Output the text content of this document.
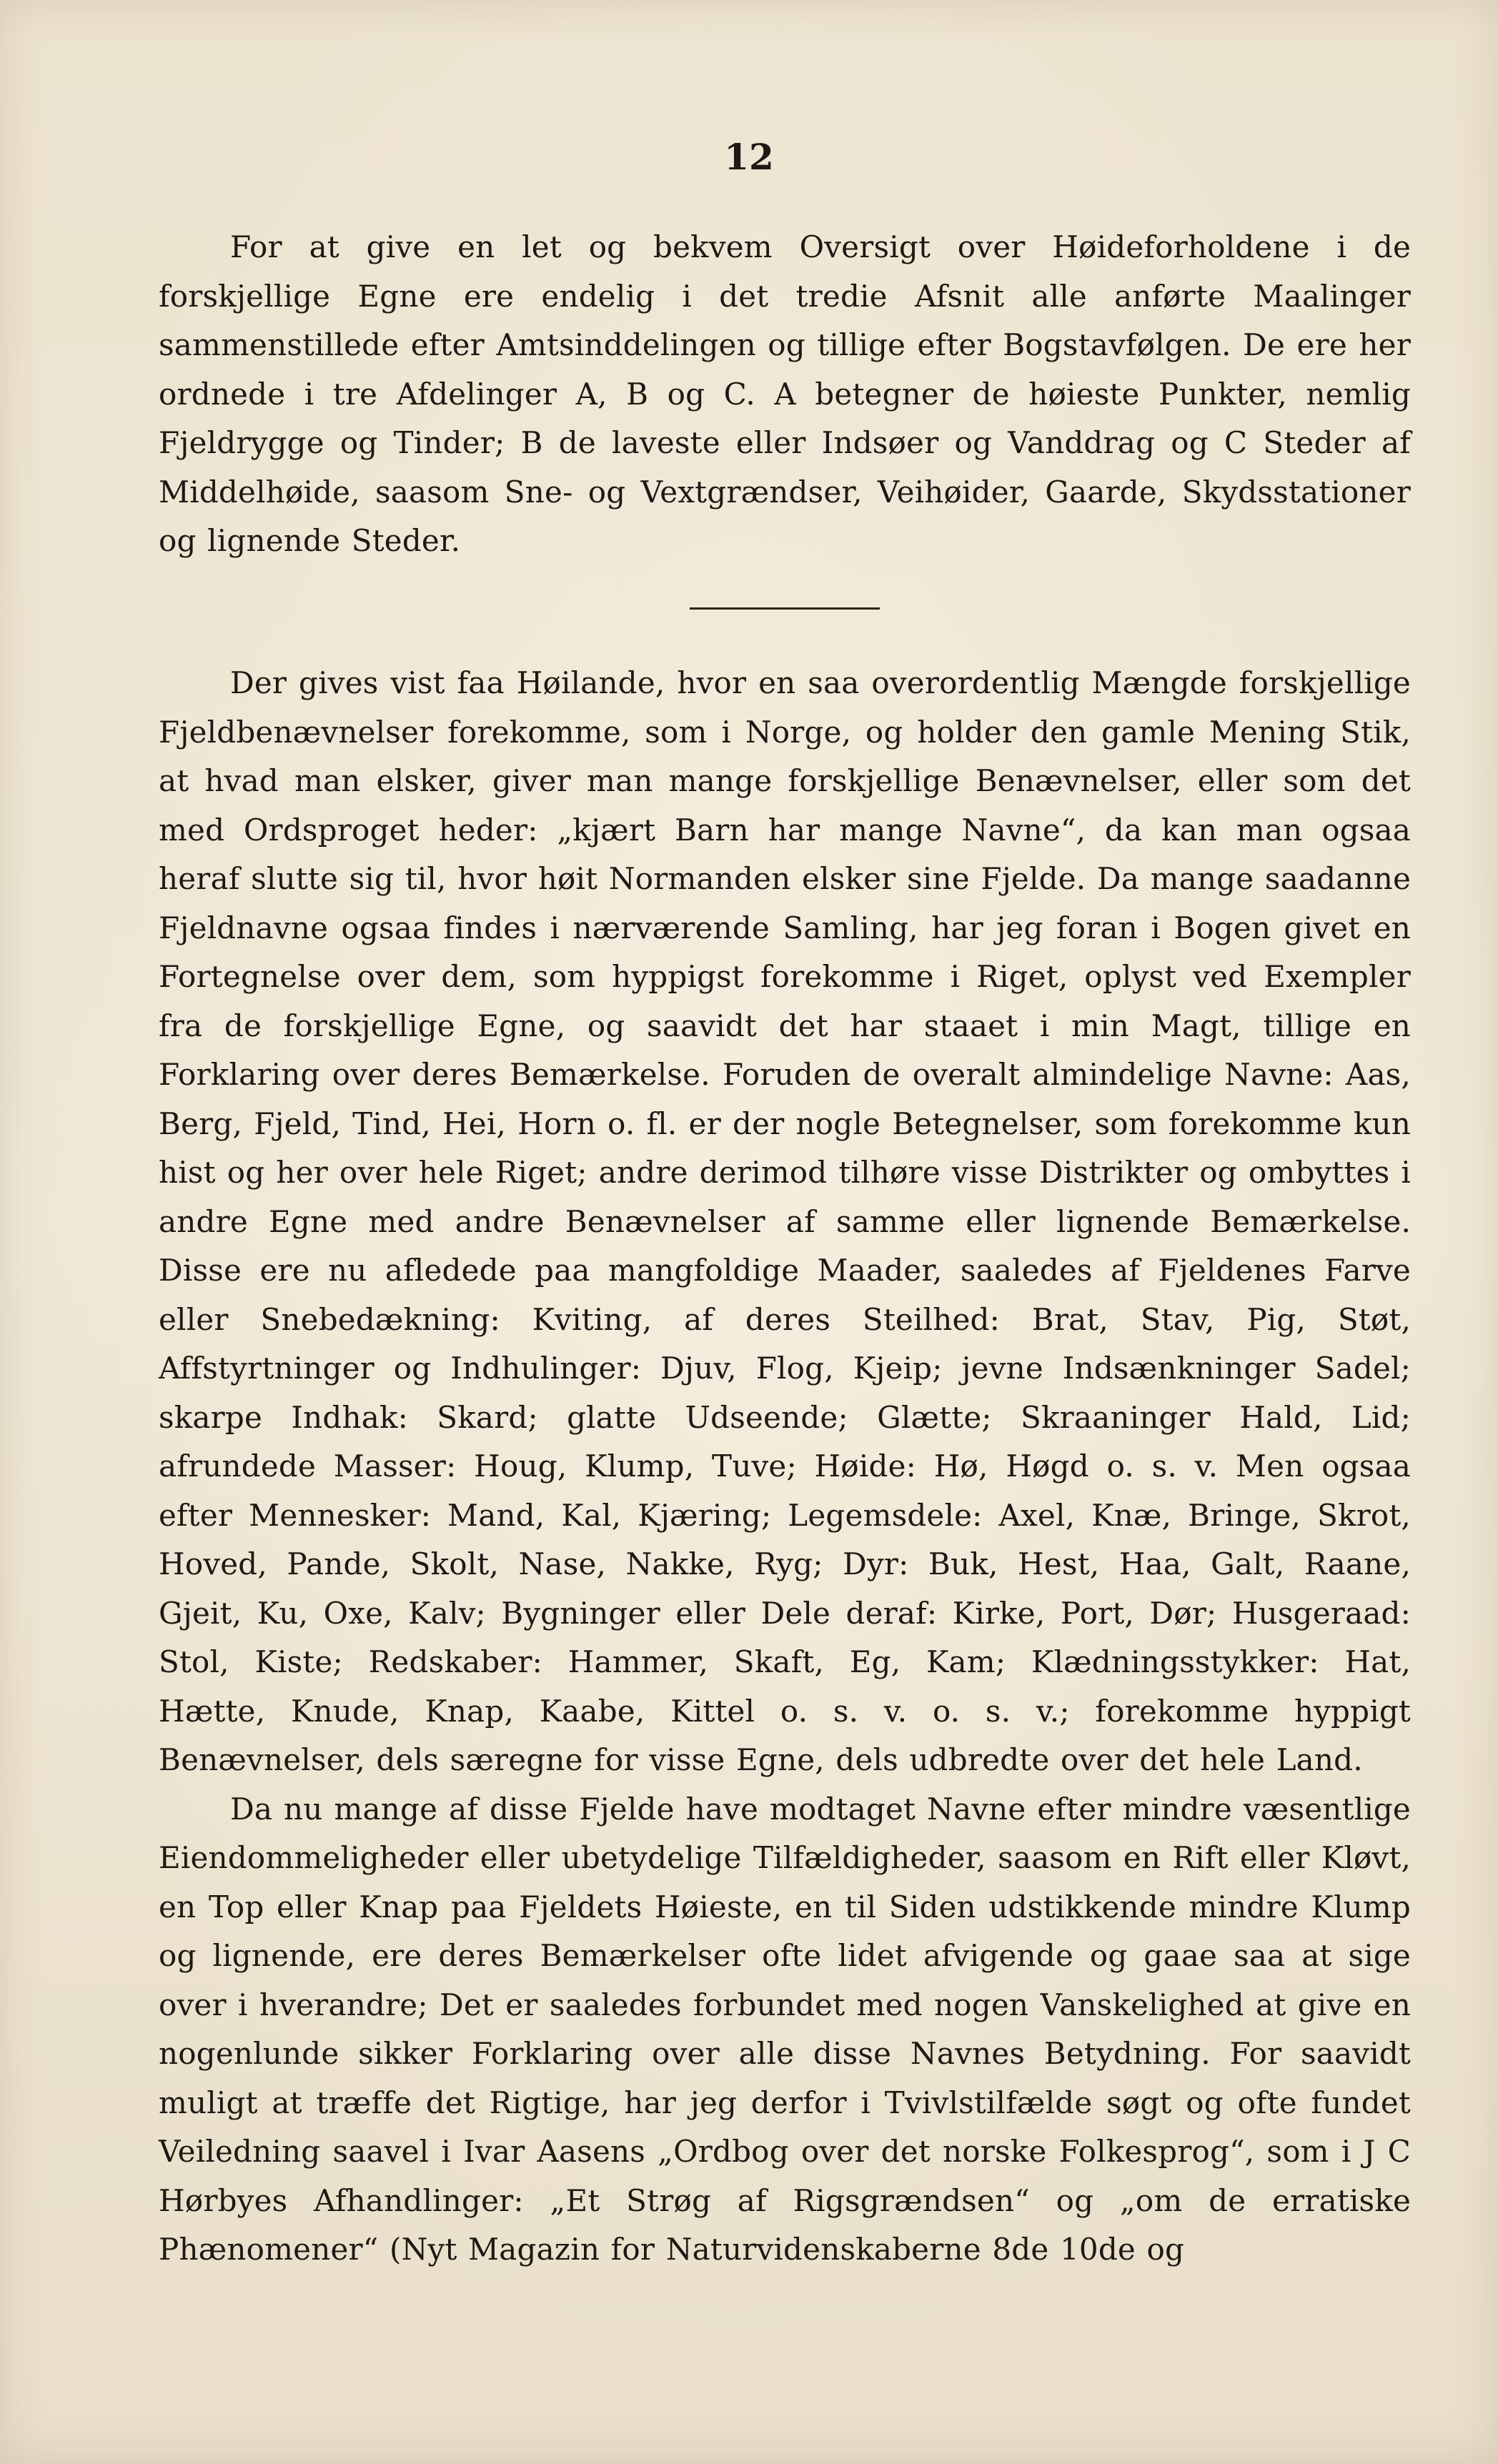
12

For at give en let og bekvem Oversigt over Høideforholdene i de forskjellige Egne ere endelig i det tredie Afsnit alle anførte Maalinger sammenstillede efter Amtsinddelingen og tillige efter Bogstavfølgen. De ere her ordnede i tre Afdelinger A, B og C. A betegner de høieste Punkter, nemlig Fjeldrygge og Tinder; B de laveste eller Indsøer og Vanddrag og C Steder af Middelhøide, saasom Sne- og Vextgrændser, Veihøider, Gaarde, Skydsstationer og lignende Steder.

Der gives vist faa Høilande, hvor en saa overordentlig Mængde forskjellige Fjeldbenævnelser forekomme, som i Norge, og holder den gamle Mening Stik, at hvad man elsker, giver man mange forskjellige Benævnelser, eller som det med Ordsproget heder: „kjært Barn har mange Navne“, da kan man ogsaa heraf slutte sig til, hvor høit Normanden elsker sine Fjelde. Da mange saadanne Fjeldnavne ogsaa findes i nærværende Samling, har jeg foran i Bogen givet en Fortegnelse over dem, som hyppigst forekomme i Riget, oplyst ved Exempler fra de forskjellige Egne, og saavidt det har staaet i min Magt, tillige en Forklaring over deres Bemærkelse. Foruden de overalt almindelige Navne: Aas, Berg, Fjeld, Tind, Hei, Horn o. fl. er der nogle Betegnelser, som forekomme kun hist og her over hele Riget; andre derimod tilhøre visse Distrikter og ombyttes i andre Egne med andre Benævnelser af samme eller lignende Bemærkelse. Disse ere nu afledede paa mangfoldige Maader, saaledes af Fjeldenes Farve eller Snebedækning: Kviting, af deres Steilhed: Brat, Stav, Pig, Støt, Affstyrtninger og Indhulinger: Djuv, Flog, Kjeip; jevne Indsænkninger Sadel; skarpe Indhak: Skard; glatte Udseende; Glætte; Skraaninger Hald, Lid; afrundede Masser: Houg, Klump, Tuve; Høide: Hø, Høgd o. s. v. Men ogsaa efter Mennesker: Mand, Kal, Kjæring; Legemsdele: Axel, Knæ, Bringe, Skrot, Hoved, Pande, Skolt, Nase, Nakke, Ryg; Dyr: Buk, Hest, Haa, Galt, Raane, Gjeit, Ku, Oxe, Kalv; Bygninger eller Dele deraf: Kirke, Port, Dør; Husgeraad: Stol, Kiste; Redskaber: Hammer, Skaft, Eg, Kam; Klædningsstykker: Hat, Hætte, Knude, Knap, Kaabe, Kittel o. s. v. o. s. v.; forekomme hyppigt Benævnelser, dels særegne for visse Egne, dels udbredte over det hele Land.

Da nu mange af disse Fjelde have modtaget Navne efter mindre væsentlige Eiendommeligheder eller ubetydelige Tilfældigheder, saasom en Rift eller Kløvt, en Top eller Knap paa Fjeldets Høieste, en til Siden udstikkende mindre Klump og lignende, ere deres Bemærkelser ofte lidet afvigende og gaae saa at sige over i hverandre; Det er saaledes forbundet med nogen Vanskelighed at give en nogenlunde sikker Forklaring over alle disse Navnes Betydning. For saavidt muligt at træffe det Rigtige, har jeg derfor i Tvivlstilfælde søgt og ofte fundet Veiledning saavel i Ivar Aasens „Ordbog over det norske Folkesprog“, som i J C Hørbyes Afhandlinger: „Et Strøg af Rigsgrændsen“ og „om de erratiske Phænomener“ (Nyt Magazin for Naturvidenskaberne 8de 10de og
